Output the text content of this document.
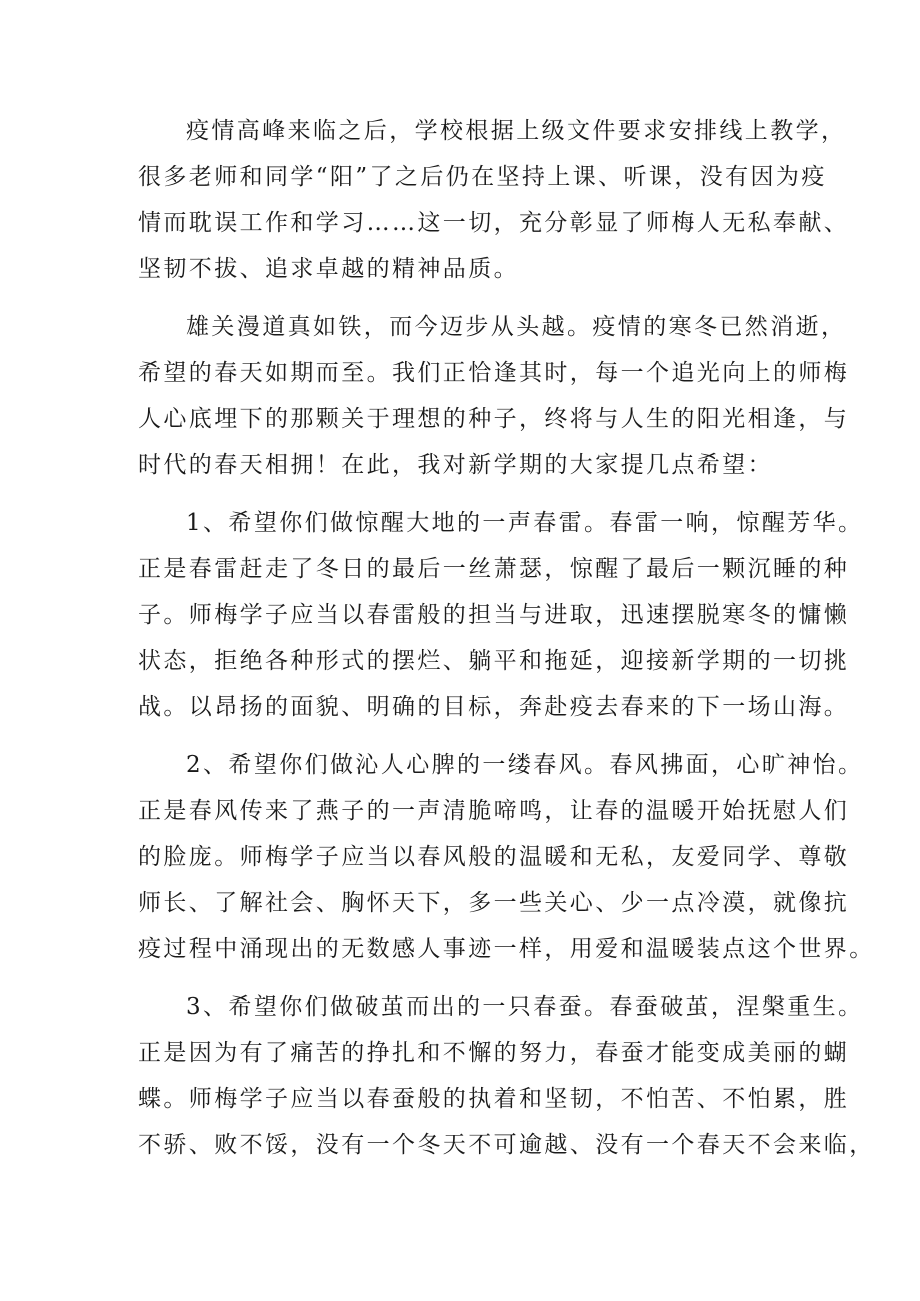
疫情高峰来临之后，学校根据上级文件要求安排线上教学，

很多老师和同学“阳”了之后仍在坚持上课、听课，没有因为疫

情而耽误工作和学习……这一切，充分彰显了师梅人无私奉献、

坚韧不拔、追求卓越的精神品质。

雄关漫道真如铁，而今迈步从头越。疫情的寒冬已然消逝，

希望的春天如期而至。我们正恰逢其时，每一个追光向上的师梅

人心底埋下的那颗关于理想的种子，终将与人生的阳光相逢，与

时代的春天相拥！在此，我对新学期的大家提几点希望：

1、希望你们做惊醒大地的一声春雷。春雷一响，惊醒芳华。

正是春雷赶走了冬日的最后一丝萧瑟，惊醒了最后一颗沉睡的种

子。师梅学子应当以春雷般的担当与进取，迅速摆脱寒冬的慵懒

状态，拒绝各种形式的摆烂、躺平和拖延，迎接新学期的一切挑

战。以昂扬的面貌、明确的目标，奔赴疫去春来的下一场山海。

2、希望你们做沁人心脾的一缕春风。春风拂面，心旷神怡。

正是春风传来了燕子的一声清脆啼鸣，让春的温暖开始抚慰人们

的脸庞。师梅学子应当以春风般的温暖和无私，友爱同学、尊敬

师长、了解社会、胸怀天下，多一些关心、少一点冷漠，就像抗

疫过程中涌现出的无数感人事迹一样，用爱和温暖装点这个世界。

3、希望你们做破茧而出的一只春蚕。春蚕破茧，涅槃重生。

正是因为有了痛苦的挣扎和不懈的努力，春蚕才能变成美丽的蝴

蝶。师梅学子应当以春蚕般的执着和坚韧，不怕苦、不怕累，胜

不骄、败不馁，没有一个冬天不可逾越、没有一个春天不会来临，
